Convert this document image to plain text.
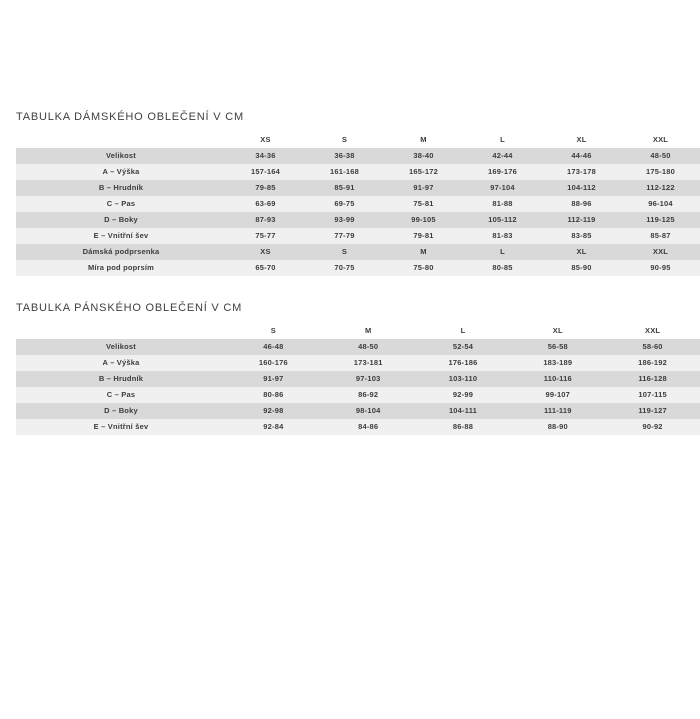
TABULKA DÁMSKÉHO OBLEČENÍ V CM
	XS	S	M	L	XL	XXL
Velikost	34-36	36-38	38-40	42-44	44-46	48-50
A – Výška	157-164	161-168	165-172	169-176	173-178	175-180
B – Hrudník	79-85	85-91	91-97	97-104	104-112	112-122
C – Pas	63-69	69-75	75-81	81-88	88-96	96-104
D – Boky	87-93	93-99	99-105	105-112	112-119	119-125
E – Vnitřní šev	75-77	77-79	79-81	81-83	83-85	85-87
Dámská podprsenka	XS	S	M	L	XL	XXL
Míra pod poprsím	65-70	70-75	75-80	80-85	85-90	90-95
TABULKA PÁNSKÉHO OBLEČENÍ V CM
	S	M	L	XL	XXL
Velikost	46-48	48-50	52-54	56-58	58-60
A – Výška	160-176	173-181	176-186	183-189	186-192
B – Hrudník	91-97	97-103	103-110	110-116	116-128
C – Pas	80-86	86-92	92-99	99-107	107-115
D – Boky	92-98	98-104	104-111	111-119	119-127
E – Vnitřní šev	92-84	84-86	86-88	88-90	90-92
